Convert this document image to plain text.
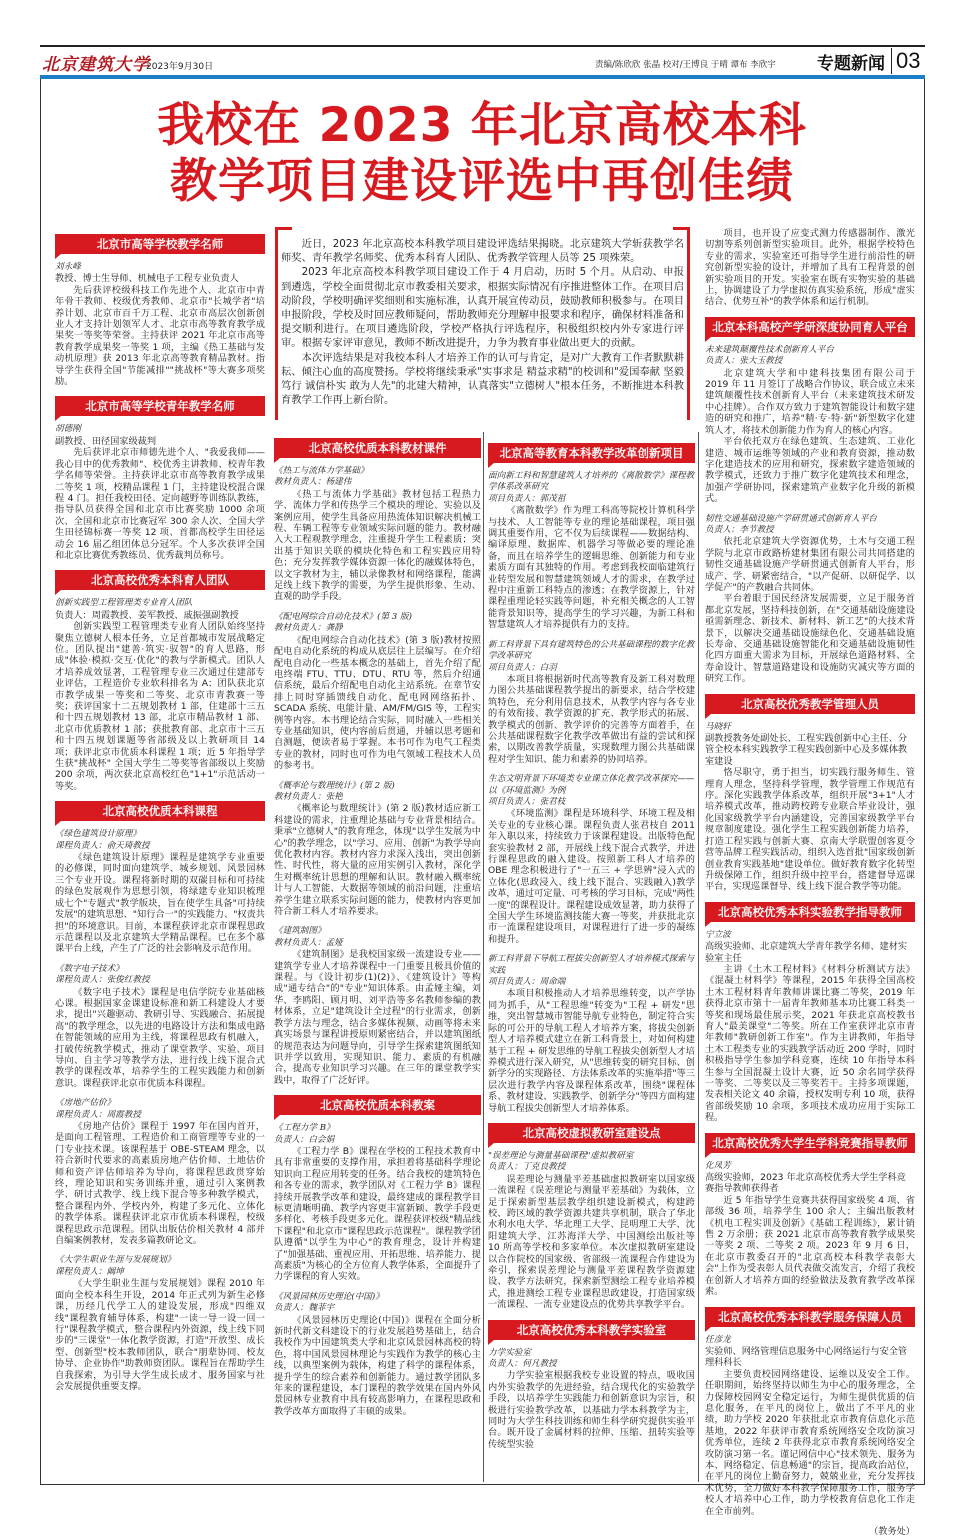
北京建筑大学
2023年9月30日	责编/陈欣欣 张晶 校对/王博良 于晴 谭布 李欣宇 专题新闻 03
我校在 2023 年北京高校本科
教学项目建设评选中再创佳绩

近日，2023 年北京高校本科教学项目建设评选结果揭晓。北京建筑大学斩获教学名师奖、青年教学名师奖、优秀本科育人团队、优秀教学管理人员等 25 项殊荣。

2023 年北京高校本科教学项目建设工作于 4 月启动，历时 5 个月。从启动、申报到遴选，学校全面贯彻北京市教委相关要求，根据实际情况有序推进整体工作。在项目启动阶段，学校明确评奖细则和实施标准，认真开展宣传动员，鼓励教师积极参与。在项目申报阶段，学校及时回应教师疑问，帮助教师充分理解申报要求和程序，确保材料准备和提交顺利进行。在项目遴选阶段，学校严格执行评选程序，积极组织校内外专家进行评审。根据专家评审意见，教师不断改进提升，力争为教育事业做出更大的贡献。

本次评选结果是对我校本科人才培养工作的认可与肯定，是对广大教育工作者默默耕耘、倾注心血的高度赞扬。学校将继续秉承"实事求是 精益求精"的校训和"爱国奉献 坚毅笃行 诚信朴实 敢为人先"的北建大精神，认真落实"立德树人"根本任务，不断推进本科教育教学工作再上新台阶。

北京市高等学校教学名师
刘永峰
教授、博士生导师、机械电子工程专业负责人

先后获评校级科技工作先进个人、北京市中青年骨干教师、校级优秀教师、北京市"长城学者"培养计划、北京市百千万工程、北京市高层次创新创业人才支持计划领军人才、北京市高等教育教学成果奖一等奖等荣誉。主持获评 2021 年北京市高等教育教学成果奖一等奖 1 项，主编《热工基础与发动机原理》获 2013 年北京高等教育精品教材。指导学生获得全国"节能减排""挑战杯"等大赛多项奖励。

北京市高等学校青年教学名师
胡德刚
副教授、田径国家级裁判

先后获评北京市师德先进个人、"我爱我师——我心目中的优秀教师"、校优秀主讲教师、校青年教学名师等荣誉。主持获评北京市高等教育教学成果二等奖 1 项，校精品课程 1 门，主持建设校混合课程 4 门。担任我校田径、定向越野等训练队教练，指导队员获得全国和北京市比赛奖励 1000 余项次、全国和北京市比赛冠军 300 余人次、全国大学生田径锦标赛一等奖 12 项、首都高校学生田径运动会 16 届乙组团体总分冠军。个人多次获评全国和北京比赛优秀教练员、优秀裁判员称号。

北京高校优秀本科育人团队
创新实践型工程管理类专业育人团队
负责人：周霞教授、姜军教授、戚振强副教授

创新实践型工程管理类专业育人团队始终坚持聚焦立德树人根本任务，立足首都城市发展战略定位。团队提出"建善·筑实·驭智"的育人思路，形成"体验·模拟·交互·优化"的教与学新模式。团队人才培养成效显著，工程管理专业三次通过住建部专业评估，工程造价专业软科排名为 A；团队获北京市教学成果一等奖和二等奖、北京市青教赛一等奖；获评国家十二五规划教材 1 部，住建部十三五和十四五规划教材 13 部，北京市精品教材 1 部、北京市优质教材 1 部；获批教育部、北京市十三五和十四五规划课题等省部级及以上教研项目 14 项；获评北京市优质本科课程 1 项；近 5 年指导学生获"挑战杯" 全国大学生二等奖等省部级以上奖励 200 余项，两次获北京高校红色"1+1"示范活动一等奖。

北京高校优质本科课程
《绿色建筑设计原理》
课程负责人：俞天琦教授

《绿色建筑设计原理》课程是建筑学专业重要的必修课，同时面向建筑学、城乡规划、风景园林三个专业开设。课程将新时期的双碳目标和可持续的绿色发展观作为思想引领，将绿建专业知识梳理成七个"专题式"教学版块，旨在使学生具备"可持续发展"的建筑思想、"知行合一"的实践能力、"权责共担"的环境意识。目前，本课程获评北京市课程思政示范课程以及北京建筑大学精品课程。已在多个慕课平台上线，产生了广泛的社会影响及示范作用。

《数字电子技术》
课程负责人：张俊红教授

《数字电子技术》课程是电信学院专业基础核心课。根据国家金课建设标准和新工科建设人才要求，提出"兴趣驱动、教研引导、实践融合、拓展提高"的教学理念，以先进的电路设计方法和集成电路在智能领域的应用为主线，将课程思政有机融入，打破传统教学模式，推动了课堂教学、实验、项目导向、自主学习等教学方法，进行线上线下混合式教学的课程改革，培养学生的工程实践能力和创新意识。课程获评北京市优质本科课程。

《房地产估价》
课程负责人：周霞教授

《房地产估价》课程于 1997 年在国内首开，是面向工程管理、工程造价和工商管理等专业的一门专业技术课。该课程基于 OBE-STEAM 理念，以符合新时代要求的高素质房地产估价师、土地估价师和资产评估师培养为导向，将课程思政贯穿始终，理论知识和实务训练并重，通过引入案例教学、研讨式教学、线上线下混合等多种教学模式，整合课程内外、学校内外，构建了多元化、立体化的教学体系。课程获评北京市优质本科课程，校级课程思政示范课程。团队出版估价相关教材 4 部并自编案例教材，发表多篇教研论文。

《大学生职业生涯与发展规划》
课程负责人：阚坤

《大学生职业生涯与发展规划》课程 2010 年面向全校本科生开设，2014 年正式列为新生必修课，历经几代学工人的建设发展，形成"四维双线"课程教育辅导体系，构建"一读一导一设一回一行"课程教学模式，整合课程内外资源，线上线下同步的"三课堂"一体化教学资源，打造"开放型、成长型、创新型"校本教师团队，联合"朋辈协同、校友协导、企业协作"助教师资团队。课程旨在帮助学生自我探索，为引导大学生成长成才、服务国家与社会发展提供重要支撑。

北京高校优质本科教材课件
《热工与流体力学基础》
教材负责人：杨建伟

《热工与流体力学基础》教材包括工程热力学、流体力学和传热学三个模块的理论、实验以及案例应用，使学生具备应用热流体知识解决机械工程、车辆工程等专业领域实际问题的能力。教材融入大工程观教学理念，注重提升学生工程素质；突出基于知识关联的模块化特色和工程实践应用特色；充分发挥教学媒体资源一体化的融媒体特色，以文字教材为主，辅以录像教材和网络课程，能满足线上线下教学的需要，为学生提供形象、生动、直观的助学手段。

《配电网综合自动化技术》(第 3 版)
教材负责人：龚静

《配电网综合自动化技术》(第 3 版)教材按照配电自动化系统的构成从底层往上层编写。在介绍配电自动化一些基本概念的基础上，首先介绍了配电终端 FTU、TTU、DTU、RTU 等，然后介绍通信系统，最后介绍配电自动化主站系统。在章节安排上同时穿插馈线自动化、配电网网络拓扑、SCADA 系统、电能计量、AM/FM/GIS 等，工程实例等内容。本书理论结合实际，同时融入一些相关专业基础知识，使内容前后贯通，并辅以思考题和自测题，便读者易于掌握。本书可作为电气工程类专业的教材，同时也可作为电气领域工程技术人员的参考书。

《概率论与数理统计》(第 2 版)
教材负责人：张艳

《概率论与数理统计》(第 2 版)教材适应新工科建设的需求，注重理论基础与专业背景相结合。秉承"立德树人"的教育理念，体现"以学生发展为中心"的教学理念，以"学习、应用、创新"为教学导向优化教材内容。教材内容力求深入浅出，突出创新性、时代性，将大量的应用实例引入教材，深化学生对概率统计思想的理解和认识。教材融入概率统计与人工智能、大数据等领域的前沿问题，注重培养学生建立联系实际问题的能力，使教材内容更加符合新工科人才培养要求。

《建筑制图》
教材负责人：孟娅

《建筑制图》是我校国家级一流建设专业——建筑学专业人才培养课程中一门重要且极具价值的课程。与《设计初步(1)(2)》、《建筑设计》等构成"通专结合"的"专业"知识体系。由孟娅主编，刘华、李鸥阳、顾月明、刘平浩等多名教师参编的教材体系，立足"建筑设计全过程"的行业需求，创新教学方法与理念，结合多媒体视频、动画等将未来真实场景与课程讲授原则紧密结合，并以建筑图纸的规范表达为问题导向，引导学生探索建筑图纸知识并学以致用，实现知识、能力、素质的有机融合，提高专业知识学习兴趣。在三年的课堂教学实践中，取得了广泛好评。

北京高校优质本科教案
《工程力学 B》
负责人：白会娟

《工程力学 B》课程在学校的工程技术教育中具有非常重要的支撑作用，承担着将基础科学理论知识向工程应用转变的任务。结合我校的建筑特色和各专业的需求，教学团队对《工程力学 B》课程持续开展教学改革和建设，最终建成的课程教学目标更清晰明确、教学内容更丰富新颖、教学手段更多样化、考核手段更多元化。课程获评校级"精品线下课程"和北京市"课程思政示范课程"。课程教学团队遵循"以学生为中心"的教育理念，设计并构建了"加强基础、重视应用、开拓思维、培养能力、提高素质"为核心的全方位育人教学体系，全面提升了力学课程的育人实效。

《风景园林历史理论(中国)》
负责人：魏菲宇

《风景园林历史理论(中国)》课程在全面分析新时代新文科建设下的行业发展趋势基础上，结合我校作为中国建筑类大学和北京风景园林高校的特色，将中国风景园林理论与实践作为教学的核心主线，以典型案例为载体，构建了科学的课程体系，提升学生的综合素养和创新能力。通过教学团队多年来的课程建设，本门课程的教学效果在国内外风景园林专业教育中具有较高影响力，在课程思政和教学改革方面取得了丰硕的成果。

北京高等教育本科教学改革创新项目
面向新工科和智慧建筑人才培养的《离散数学》课程教学体系改革研究
项目负责人：郭茂祖

《离散数学》作为理工科高等院校计算机科学与技术、人工智能等专业的理论基础课程，项目强调其重要作用，它不仅为后续课程——数据结构、编译原理、数据库、机器学习等做必要的理论准备，而且在培养学生的逻辑思维、创新能力和专业素质方面有其独特的作用。考虑到我校面临建筑行业转型发展和智慧建筑领域人才的需求，在教学过程中注重新工科特点的渗透；在教学资源上，针对课程重理论轻实践等问题，补充相关概念的人工智能背景知识等，提高学生的学习兴趣，为新工科和智慧建筑人才培养提供有力的支持。

新工科背景下具有建筑特色的公共基础课程的数字化教学改革研究
项目负责人：白羽

本项目将根据新时代高等教育及新工科对数理力图公共基础课程教学提出的新要求，结合学校建筑特色，充分利用信息技术，从教学内容与各专业的有效衔接、教学资源的扩充、教学形式的拓展、教学模式的创新、教学评价的完善等方面着手，在公共基础课程数字化教学改革做出有益的尝试和探索，以期改善教学质量，实现数理力图公共基础课程对学生知识、能力和素养的协同培养。

生态文明背景下环境类专业课立体化教学改革探究——以《环境监测》为例
项目负责人：张君枝

《环境监测》课程是环境科学、环境工程及相关专业的专业核心课。课程负责人张君枝自 2011 年入职以来，持续致力于该课程建设。出版特色配套实验教材 2 部，开展线上线下混合式教学，并进行课程思政的融入建设。按照新工科人才培养的 OBE 理念积极进行了"一五三 + 学思辨"浸入式的立体化(思政浸入、线上线下混合、实践融入)教学改革，通过可定量、可考核的学习目标，完成"两性一度"的课程设计。课程建设成效显著，助力获得了全国大学生环境监测技能大赛一等奖，并获批北京市一流课程建设项目，对课程进行了进一步的凝练和提升。

新工科背景下导航工程拔尖创新型人才培养模式探索与实践
项目负责人：周命端

本项目积极推动人才培养思维转变，以产学协同为抓手，从"工程思维"转变为"工程 + 研发"思维，突出智慧城市智能导航专业特色，制定符合实际的可公开的导航工程人才培养方案，将拔尖创新型人才培养模式建立在新工科背景上，对如何构建基于工程 + 研发思维的导航工程拔尖创新型人才培养模式进行深入研究，从"思维转变的研究目标、创新学分的实现路径、方法体系改革的实施举措"等三层次进行教学内容及课程体系改革，围绕"课程体系、教材建设、实践教学、创新学分"等四方面构建导航工程拔尖创新型人才培养体系。

北京高校虚拟教研室建设点
"误差理论与测量基础课程"虚拟教研室
负责人：丁克良教授

误差理论与测量平差基础虚拟教研室以国家级一流课程《误差理论与测量平差基础》为载体，立足于探索新型基层教学组织建设新模式，构建跨校、跨区域的教学资源共建共享机制，联合了华北水利水电大学、华北理工大学、昆明理工大学、沈阳建筑大学、江苏海洋大学、中国测绘出版社等 10 所高等学校和多家单位。本次虚拟教研室建设以合作院校的国家级、省部级一流课程合作建设为牵引，探索误差理论与测量平差课程教学资源建设、教学方法研究，探索新型测绘工程专业培养模式，推进测绘工程专业课程思政建设，打造国家级一流课程、一流专业建设点的优势共享教学平台。

北京高校优秀本科教学实验室
力学实验室
负责人：何凡教授

力学实验室根据我校专业设置的特点，吸收国内外实验教学的先进经验，结合现代化的实验教学手段，以培养学生实践能力和创新意识为宗旨，积极进行实验教学改革，以基础力学本科教学为主，同时为大学生科技训练和师生科学研究提供实验平台。既开设了金属材料的拉伸、压缩、扭转实验等传统型实验

项目，也开设了应变式测力传感器制作、激光切割等系列创新型实验项目。此外，根据学校特色专业的需求，实验室还可指导学生进行前沿性的研究创新型实验的设计，并增加了具有工程背景的创新实验项目的开发。实验室在既有实物实验的基础上，协调建设了力学虚拟仿真实验系统，形成"虚实结合、优势互补"的教学体系和运行机制。

北京本科高校产学研深度协同育人平台
未来建筑颠覆性技术创新育人平台
负责人：张大玉教授

北京建筑大学和中建科技集团有限公司于 2019 年 11 月签订了战略合作协议，联合成立未来建筑颠覆性技术创新育人平台（未来建筑技术研发中心挂牌）。合作双方致力于建筑智能设计和数字建造的研究和推广，培养"精·专·特·新"新型数字化建筑人才，将技术创新能力作为育人的核心内容。

平台依托双方在绿色建筑、生态建筑、工业化建造、城市运维等领域的产业和教育资源，推动数字化建造技术的应用和研究，探索数字建造领域的教学模式，还致力于推广数字化建筑技术和理念，加强产学研协同，探索建筑产业数字化升级的新模式。

韧性交通基础设施产学研贯通式创新育人平台
负责人：李节教授

依托北京建筑大学资源优势，土木与交通工程学院与北京市政路桥建材集团有限公司共同搭建的韧性交通基础设施产学研贯通式创新育人平台，形成产、学、研紧密结合，"以产促研、以研促学、以学促产"的产教融合共同体。

平台着眼于国民经济发展需要，立足于服务首都北京发展，坚持科技创新，在"交通基础设施建设亟需新理念、新技术、新材料、新工艺"的大技术背景下，以解决交通基础设施绿色化、交通基础设施长寿命、交通基础设施智能化和交通基础设施韧性化四方面重大需求为目标，开展绿色道路材料、全寿命设计、智慧道路建设和设施防灾减灾等方面的研究工作。

北京高校优秀教学管理人员
马晓轩
副教授教务处副处长、工程实践创新中心主任、分管全校本科实践教学工程实践创新中心及多媒体教室建设

恪尽职守，勇于担当，切实践行服务师生、管理育人理念，坚持科学管理，教学管理工作规范有序。深化实践教学体系改革，组织开展"3+1"人才培养模式改革，推动跨校跨专业联合毕业设计，强化国家级教学平台内涵建设，完善国家级教学平台规章制度建设。强化学生工程实践创新能力培养，打造工程实践与创新大赛、京南大学联盟创客夏令营等品牌工程实践活动，组织入选首批"国家级创新创业教育实践基地"建设单位。做好教育数字化转型升级保障工作，组织升级中控平台，搭建督导巡课平台，实现巡课督导、线上线下混合教学等功能。

北京高校优秀本科实验教学指导教师
宁立波
高级实验师、北京建筑大学青年教学名师、建材实验室主任

主讲《土木工程材料》《材料分析测试方法》《混凝土材料学》等课程，2015 年获得全国高校土木工程材料青年教师讲课比赛二等奖，2019 年获得北京市第十一届青年教师基本功比赛工科类一等奖和现场最佳展示奖，2021 年获北京高校教书育人"最美课堂"二等奖。所在工作室获评北京市青年教师"教研创新工作室"。作为主讲教师，年指导土木工程类专业的实践教学活动近 200 学时，同时积极指导学生参加学科竞赛，连续 10 年指导本科生参与全国混凝土设计大赛，近 50 余名同学获得一等奖、二等奖以及三等奖若干。主持多项课题，发表相关论文 40 余篇，授权发明专利 10 项，获得省部级奖励 10 余项，多项技术成功应用于实际工程。

北京高校优秀大学生学科竞赛指导教师
化凤芳
高级实验师，2023 年北京高校优秀大学生学科竞赛指导教师获得者

近 5 年指导学生竞赛共获得国家级奖 4 项、省部级 36 项，培养学生 100 余人；主编出版教材《机电工程实训及创新》《基础工程训练》，累计销售 2 万余册；获 2021 北京市高等教育教学成果奖一等奖 2 项、二等奖 2 项。2023 年 9 月 6 日，在北京市教委召开的"北京高校本科教学表彰大会"上作为受表彰人员代表做交流发言，介绍了我校在创新人才培养方面的经验做法及教育教学改革探索。

北京高校优秀本科教学服务保障人员
任彦龙
实验师、网络管理信息服务中心网络运行与安全管理科科长

主要负责校园网络建设、运维以及安全工作。任职期间，始终坚持以师生为中心的服务理念，全力保障校园网安全稳定运行，为师生提供优质的信息化服务，在平凡的岗位上，做出了不平凡的业绩，助力学校 2020 年获批北京市教育信息化示范基地，2022 年获评市教育系统网络安全攻防演习优秀单位，连续 2 年获得北京市教育系统网络安全攻防演习第一名。谨记网信中心"技术领先、服务为本、网络稳定、信息畅通"的宗旨，提高政治站位，在平凡的岗位上勤奋努力，兢兢业业，充分发挥技术优势，全力做好本科教学保障服务工作，服务学校人才培养中心工作，助力学校教育信息化工作走在全市前列。

（教务处）
